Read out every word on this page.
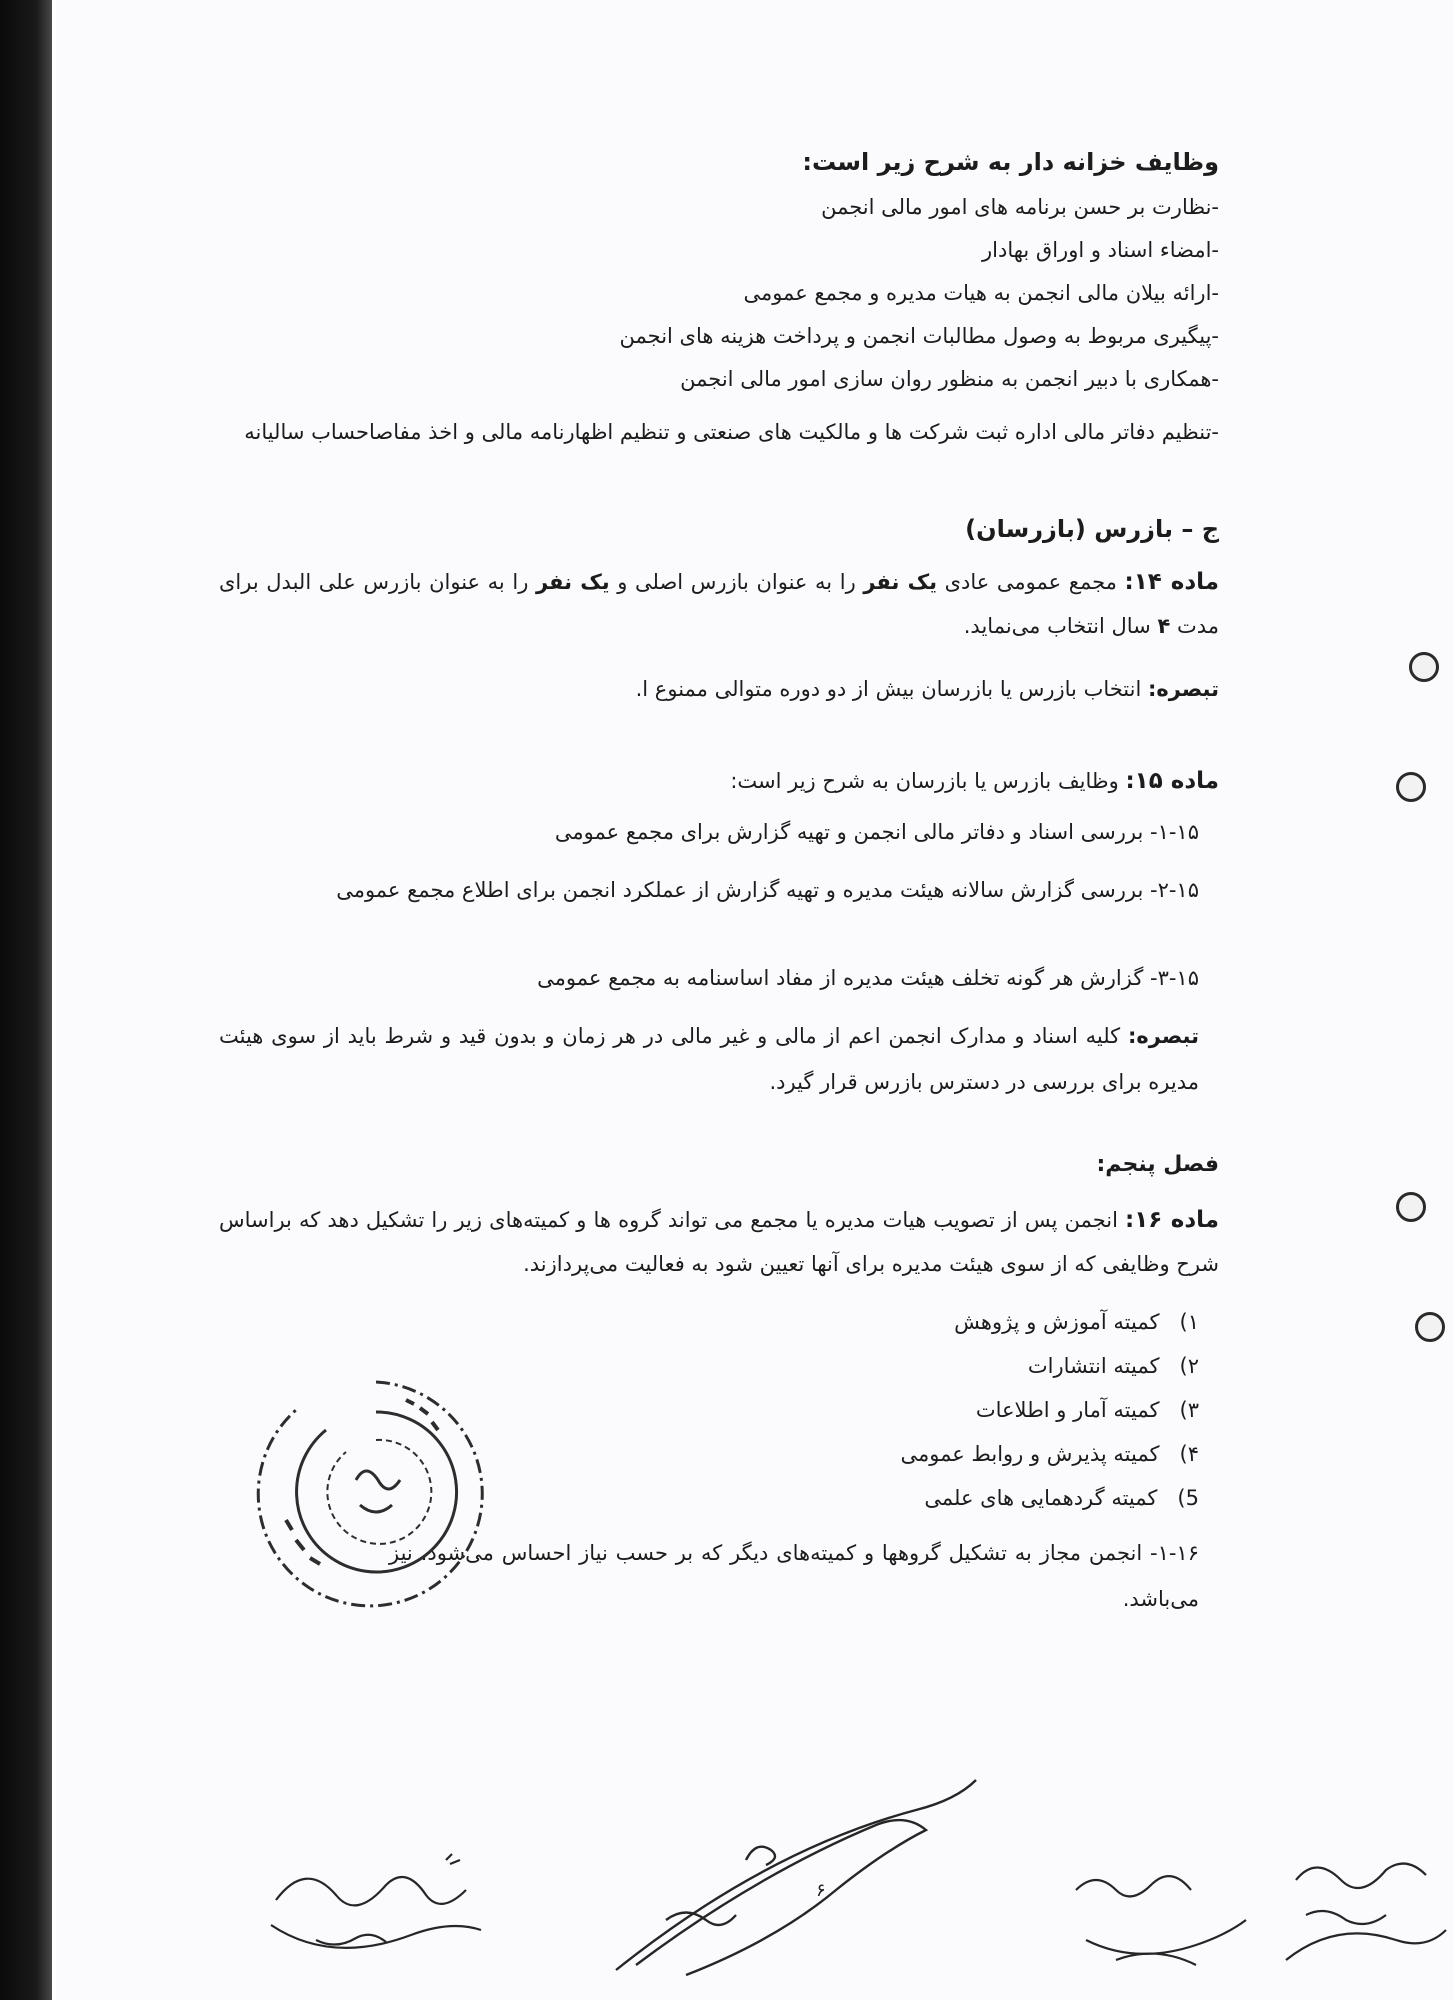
وظایف خزانه دار به شرح زیر است:
-نظارت بر حسن برنامه های امور مالی انجمن
-امضاء اسناد و اوراق بهادار
-ارائه بیلان مالی انجمن به هیات مدیره و مجمع عمومی
-پیگیری مربوط به وصول مطالبات انجمن و پرداخت هزینه های انجمن
-همکاری با دبیر انجمن به منظور روان سازی امور مالی انجمن
-تنظیم دفاتر مالی اداره ثبت شرکت ها و مالکیت های صنعتی و تنظیم اظهارنامه مالی و اخذ مفاصاحساب سالیانه
ج – بازرس (بازرسان)
ماده ۱۴: مجمع عمومی عادی یک نفر را به عنوان بازرس اصلی و یک نفر را به عنوان بازرس علی البدل برای مدت ۴ سال انتخاب می‌نماید.
تبصره: انتخاب بازرس یا بازرسان بیش از دو دوره متوالی ممنوع ا.
ماده ۱۵: وظایف بازرس یا بازرسان به شرح زیر است:
۱-۱۵- بررسی اسناد و دفاتر مالی انجمن و تهیه گزارش برای مجمع عمومی
۲-۱۵- بررسی گزارش سالانه هیئت مدیره و تهیه گزارش از عملکرد انجمن برای اطلاع مجمع عمومی
۳-۱۵- گزارش هر گونه تخلف هیئت مدیره از مفاد اساسنامه به مجمع عمومی
تبصره: کلیه اسناد و مدارک انجمن اعم از مالی و غیر مالی در هر زمان و بدون قید و شرط باید از سوی هیئت مدیره برای بررسی در دسترس بازرس قرار گیرد.
فصل پنجم:
ماده ۱۶: انجمن پس از تصویب هیات مدیره یا مجمع می تواند گروه ها و کمیته‌های زیر را تشکیل دهد که براساس شرح وظایفی که از سوی هیئت مدیره برای آنها تعیین شود به فعالیت می‌پردازند.
۱)   کمیته آموزش و پژوهش
۲)   کمیته انتشارات
۳)   کمیته آمار و اطلاعات
۴)   کمیته پذیرش و روابط عمومی
5)   کمیته گردهمایی های علمی
۱-۱۶- انجمن مجاز به تشکیل گروهها و کمیته‌های دیگر که بر حسب نیاز احساس می‌شود، نیز می‌باشد.
۶
